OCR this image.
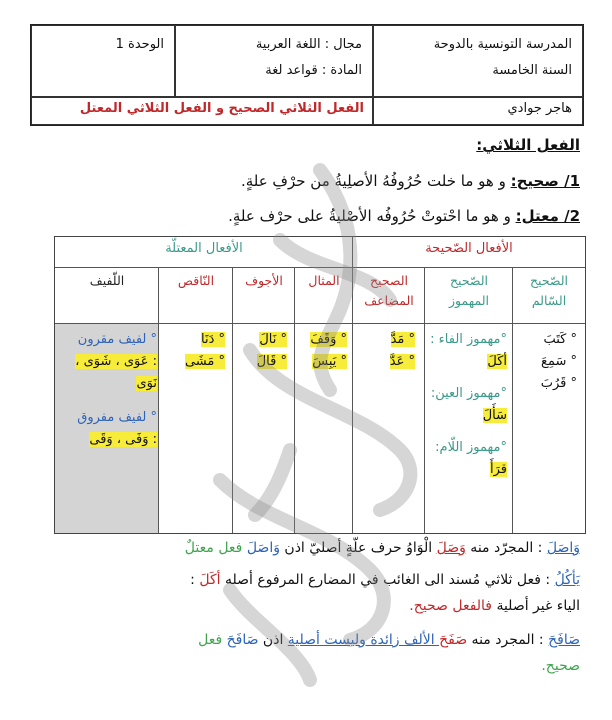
المدرسة التونسية بالدوحة
السنة الخامسة
مجال : اللغة العربية
المادة : قواعد لغة
الوحدة 1
الفعل الثلاثي الصحيح و الفعل الثلاثي المعتل	هاجر جوادي
الفعل الثلاثي:
1/ صحيح: و هو ما خلت حُرُوفُهُ الأصلِيةُ من حرْفِ علةٍ.
2/ معتل: و هو ما احْتوتْ حُرُوفُه الأصْليةُ على حرْف علةٍ.
الأفعال الصّحيحة
الأفعال المعتلّة
الصّحيح
السّالم
الصّحيح
المهموز
الصحيح
المضاعف
المثال
الأجوف
النّاقص
اللّفيف
° كَتَبَ
° سَمِعَ
° قَرُبَ
°مهموز الفاء :
أكَلَ
°مهموز العين:
سَأَلَ
°مهموز اللّام:
قرَأَ
° مَدَّ
° عَدَّ
° وَقَفَ
° يَبِسَ
° نَالَ
° قَالَ
° دَنَا
° مَشَى
° لفيف مقرون
: عَوَى ، شَوَى ، نَوَى
° لفيف مفروق
: وَفَى ، وَقَى
وَاصَلَ : المجرّد منه وَصَلَ الْوَاوُ حرف علّةٍ أصليّ اذن وَاصَلَ فعل معتلٌ
يَأكُلُ : فعل ثلاثي مُسند الى الغائب في المضارع المرفوع أصله أكَلَ :
الياء غير أصلية فالفعل صحيح.
صَافَحَ : المجرد منه صَفَحَ الألف زائدة وليست أصلية اذن صَافَحَ فعل
صحيح.
